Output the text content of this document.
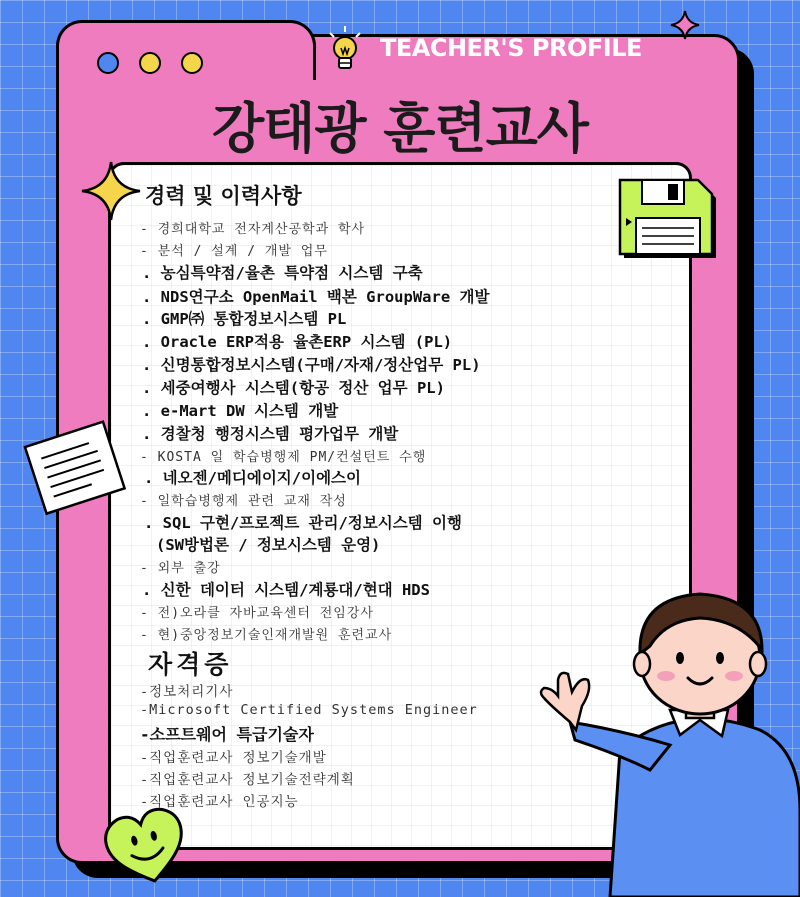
TEACHER'S PROFILE
강태광 훈련교사
경력 및 이력사항
- 경희대학교 전자계산공학과 학사
- 분석 / 설계 / 개발 업무
. 농심특약점/율촌 특약점 시스템 구축
. NDS연구소 OpenMail 백본 GroupWare 개발
. GMP㈜ 통합정보시스템 PL
. Oracle ERP적용 율촌ERP 시스템 (PL)
. 신명통합정보시스템(구매/자재/정산업무 PL)
. 세중여행사 시스템(항공 정산 업무 PL)
. e-Mart DW 시스템 개발
. 경찰청 행정시스템 평가업무 개발
- KOSTA 일 학습병행제 PM/컨설턴트 수행
. 네오젠/메디에이지/이에스이
- 일학습병행제 관련 교재 작성
. SQL 구현/프로젝트 관리/정보시스템 이행
(SW방법론 / 정보시스템 운영)
- 외부 출강
. 신한 데이터 시스템/계룡대/현대 HDS
- 전)오라클 자바교육센터 전임강사
- 현)중앙정보기술인재개발원 훈련교사
자격증
-정보처리기사
-Microsoft Certified Systems Engineer
-소프트웨어 특급기술자
-직업훈련교사 정보기술개발
-직업훈련교사 정보기술전략계획
-직업훈련교사 인공지능
